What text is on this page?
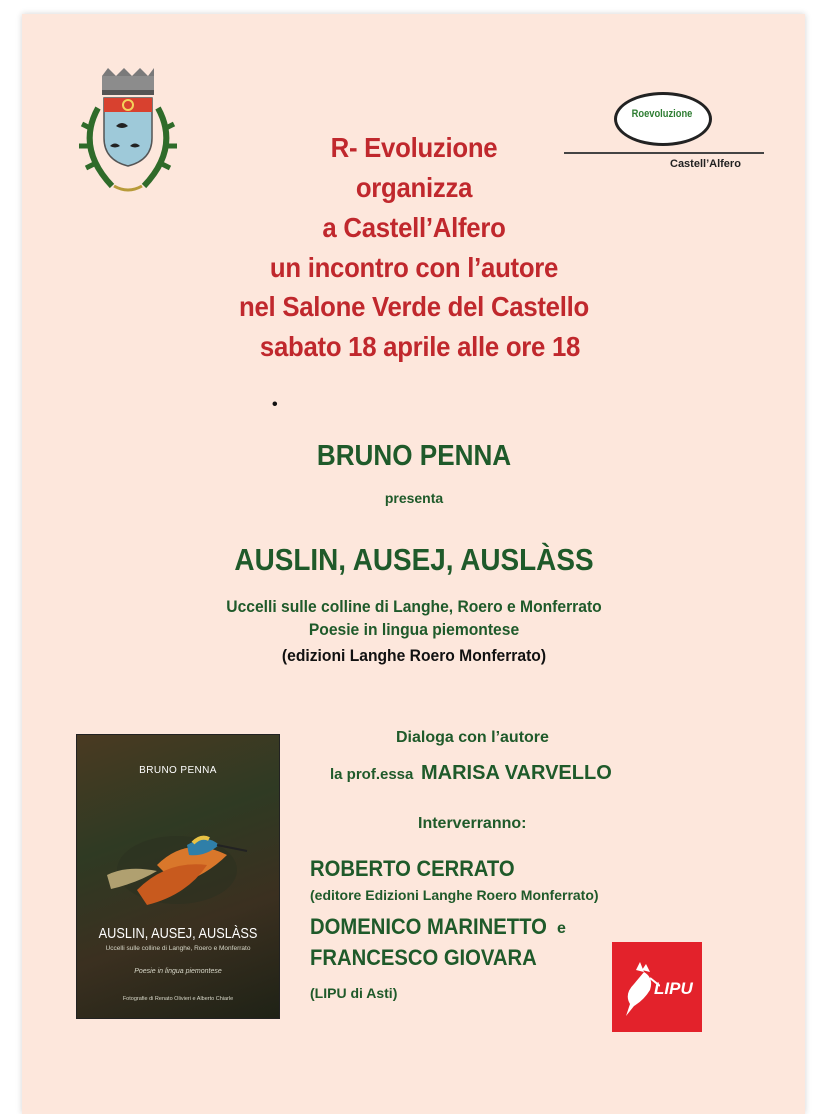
Roevoluzione
Castell’Alfero
R- Evoluzione
organizza
a Castell’Alfero
un incontro con l’autore
nel Salone Verde del Castello
sabato 18 aprile alle ore 18
•
BRUNO PENNA
presenta
AUSLIN, AUSEJ, AUSLÀSS
Uccelli sulle colline di Langhe, Roero e Monferrato
Poesie in lingua piemontese
(edizioni Langhe Roero Monferrato)
BRUNO PENNA
AUSLIN, AUSEJ, AUSLÀSS
Uccelli sulle colline di Langhe, Roero e Monferrato
Poesie in lingua piemontese
Fotografie di Renato Olivieri e Alberto Chiarle
Dialoga con l’autore
la prof.essa MARISA VARVELLO
Interverranno:
ROBERTO CERRATO
(editore Edizioni Langhe Roero Monferrato)
DOMENICO MARINETTO e
FRANCESCO GIOVARA
(LIPU di Asti)	LIPU
